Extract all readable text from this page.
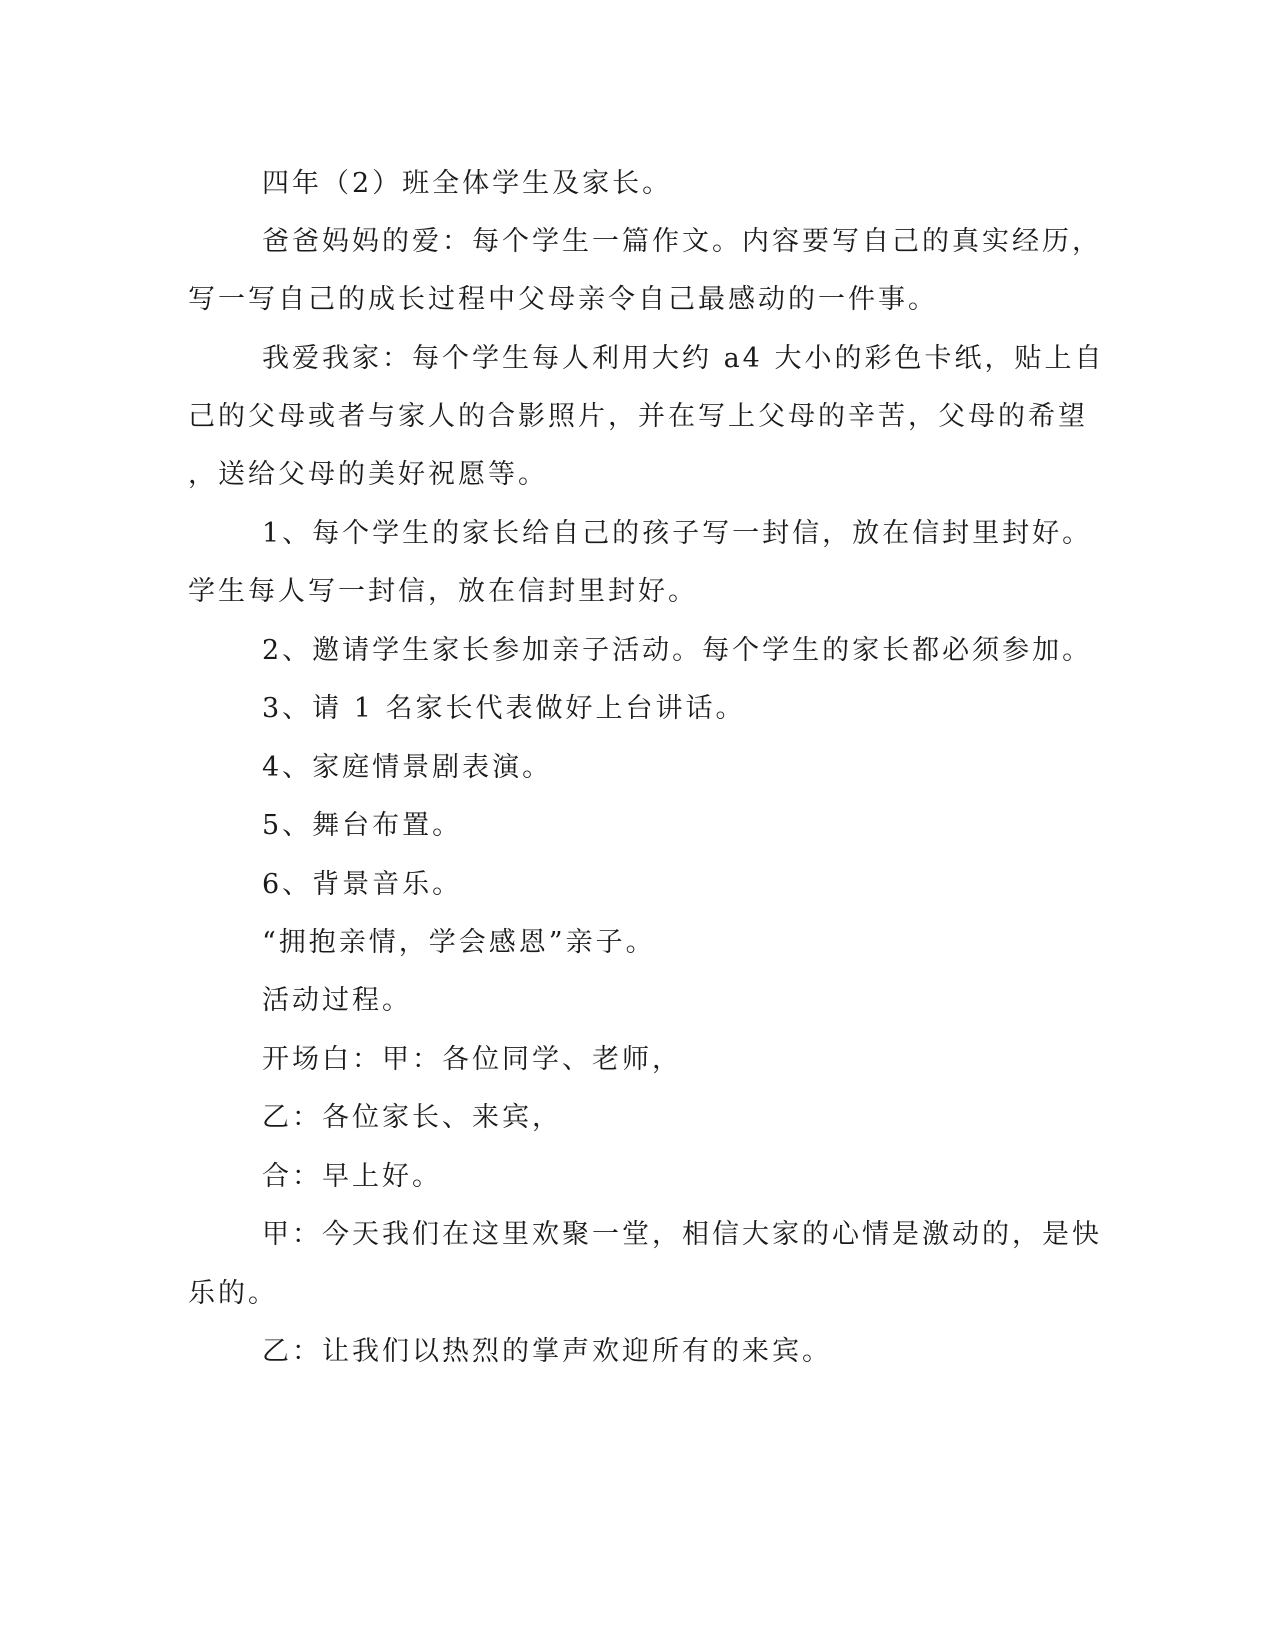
四年（2）班全体学生及家长。

爸爸妈妈的爱：每个学生一篇作文。内容要写自己的真实经历，

写一写自己的成长过程中父母亲令自己最感动的一件事。

我爱我家：每个学生每人利用大约 a4 大小的彩色卡纸，贴上自

己的父母或者与家人的合影照片，并在写上父母的辛苦，父母的希望

，送给父母的美好祝愿等。

1、每个学生的家长给自己的孩子写一封信，放在信封里封好。

学生每人写一封信，放在信封里封好。

2、邀请学生家长参加亲子活动。每个学生的家长都必须参加。

3、请 1 名家长代表做好上台讲话。

4、家庭情景剧表演。

5、舞台布置。

6、背景音乐。

“拥抱亲情，学会感恩”亲子。

活动过程。

开场白：甲：各位同学、老师，

乙：各位家长、来宾，

合：早上好。

甲：今天我们在这里欢聚一堂，相信大家的心情是激动的，是快

乐的。

乙：让我们以热烈的掌声欢迎所有的来宾。
